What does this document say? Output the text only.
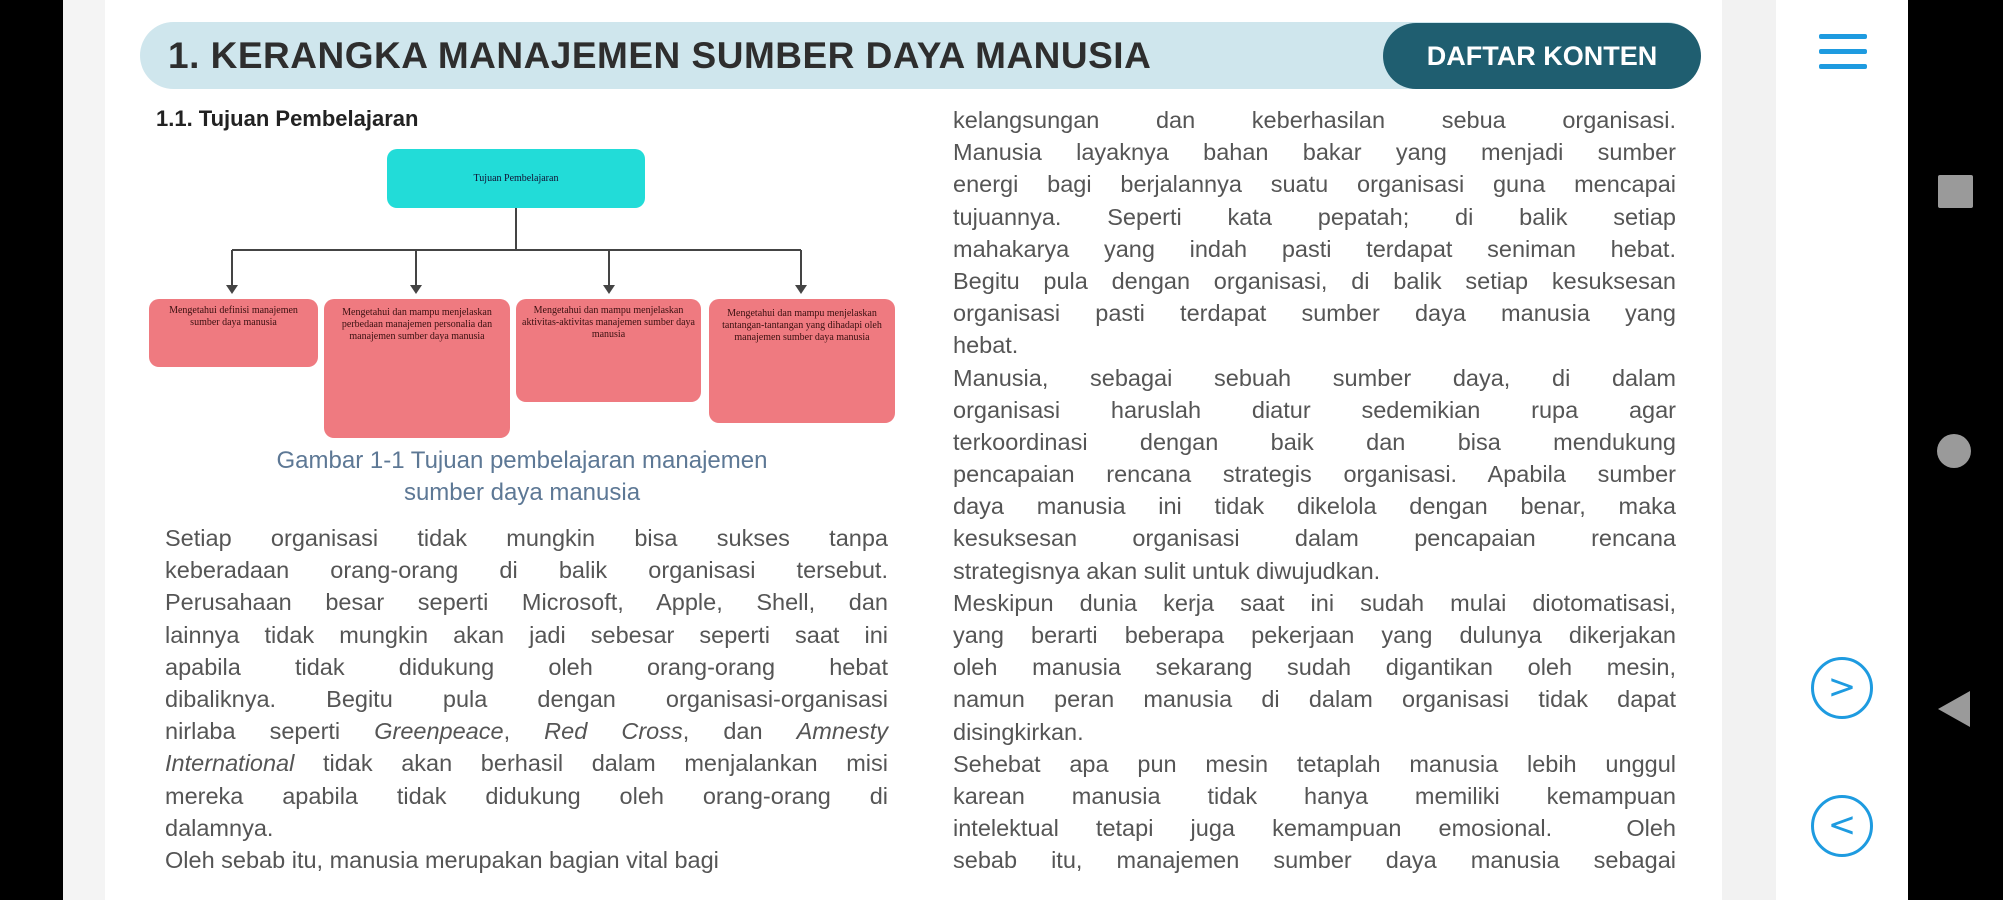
1. KERANGKA MANAJEMEN SUMBER DAYA MANUSIA	DAFTAR KONTEN
1.1. Tujuan Pembelajaran
Tujuan Pembelajaran
Mengetahui definisi manajemen sumber daya manusia
Mengetahui dan mampu menjelaskan perbedaan manajemen personalia dan manajemen sumber daya manusia
Mengetahui dan mampu menjelaskan aktivitas-aktivitas manajemen sumber daya manusia
Mengetahui dan mampu menjelaskan tantangan-tantangan yang dihadapi oleh manajemen sumber daya manusia
Gambar 1-1 Tujuan pembelajaran manajemen
sumber daya manusia
Setiap organisasi tidak mungkin bisa sukses tanpa
keberadaan orang-orang di balik organisasi tersebut.
Perusahaan besar seperti Microsoft, Apple, Shell, dan
lainnya tidak mungkin akan jadi sebesar seperti saat ini
apabila tidak didukung oleh orang-orang hebat
dibaliknya. Begitu pula dengan organisasi-organisasi
nirlaba seperti Greenpeace, Red Cross, dan Amnesty
International tidak akan berhasil dalam menjalankan misi
mereka apabila tidak didukung oleh orang-orang di
dalamnya.
Oleh sebab itu, manusia merupakan bagian vital bagi
kelangsungan dan keberhasilan sebua organisasi.
Manusia layaknya bahan bakar yang menjadi sumber
energi bagi berjalannya suatu organisasi guna mencapai
tujuannya. Seperti kata pepatah; di balik setiap
mahakarya yang indah pasti terdapat seniman hebat.
Begitu pula dengan organisasi, di balik setiap kesuksesan
organisasi pasti terdapat sumber daya manusia yang
hebat.
Manusia, sebagai sebuah sumber daya, di dalam
organisasi haruslah diatur sedemikian rupa agar
terkoordinasi dengan baik dan bisa mendukung
pencapaian rencana strategis organisasi. Apabila sumber
daya manusia ini tidak dikelola dengan benar, maka
kesuksesan organisasi dalam pencapaian rencana
strategisnya akan sulit untuk diwujudkan.
Meskipun dunia kerja saat ini sudah mulai diotomatisasi,
yang berarti beberapa pekerjaan yang dulunya dikerjakan
oleh manusia sekarang sudah digantikan oleh mesin,
namun peran manusia di dalam organisasi tidak dapat
disingkirkan.
Sehebat apa pun mesin tetaplah manusia lebih unggul
karean manusia tidak hanya memiliki kemampuan
intelektual tetapi juga kemampuan emosional.  Oleh
sebab itu, manajemen sumber daya manusia sebagai
>
<
